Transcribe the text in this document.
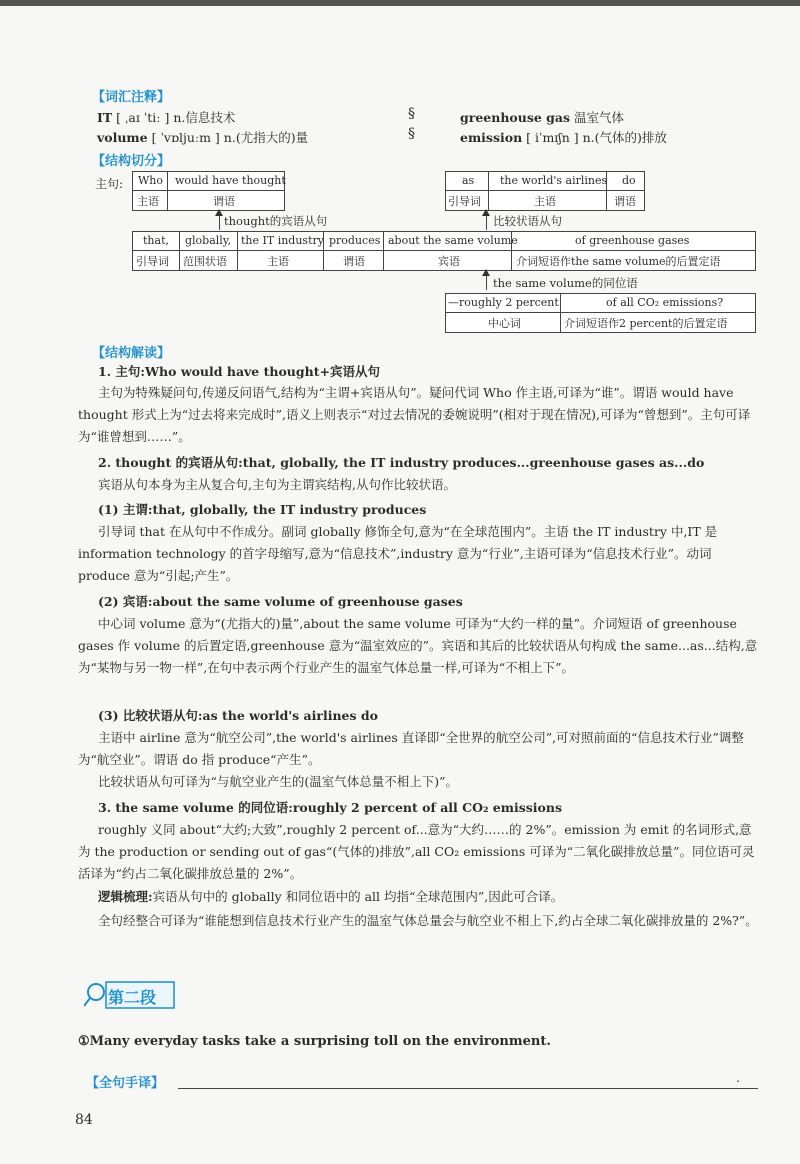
【词汇注释】
IT [ ˌaɪ ˈtiː ] n.信息技术
volume [ ˈvɒljuːm ] n.(尤指大的)量
§
§
greenhouse gas 温室气体
emission [ iˈmɪʃn ] n.(气体的)排放
【结构切分】
主句: Who
主语
would have thought
谓语
thought的宾语从句
as
引导词
the world's airlines
主语
do
谓语
比较状语从句
that,
引导词
globally,
范围状语
the IT industry
主语
produces
谓语
about the same volume
宾语
of greenhouse gases
介词短语作the same volume的后置定语
the same volume的同位语
—roughly 2 percent
中心词
of all CO₂ emissions?
介词短语作2 percent的后置定语
【结构解读】
1. 主句:Who would have thought+宾语从句
主句为特殊疑问句,传递反问语气,结构为“主谓+宾语从句”。疑问代词 Who 作主语,可译为“谁”。谓语 would have thought 形式上为“过去将来完成时”,语义上则表示“对过去情况的委婉说明”(相对于现在情况),可译为“曾想到”。主句可译为“谁曾想到……”。
2. thought 的宾语从句:that, globally, the IT industry produces...greenhouse gases as...do
宾语从句本身为主从复合句,主句为主谓宾结构,从句作比较状语。
(1) 主谓:that, globally, the IT industry produces
引导词 that 在从句中不作成分。副词 globally 修饰全句,意为“在全球范围内”。主语 the IT industry 中,IT 是 information technology 的首字母缩写,意为“信息技术”,industry 意为“行业”,主语可译为“信息技术行业”。动词 produce 意为“引起;产生”。
(2) 宾语:about the same volume of greenhouse gases
中心词 volume 意为“(尤指大的)量”,about the same volume 可译为“大约一样的量”。介词短语 of greenhouse gases 作 volume 的后置定语,greenhouse 意为“温室效应的”。宾语和其后的比较状语从句构成 the same...as...结构,意为“某物与另一物一样”,在句中表示两个行业产生的温室气体总量一样,可译为“不相上下”。
(3) 比较状语从句:as the world's airlines do
主语中 airline 意为“航空公司”,the world's airlines 直译即“全世界的航空公司”,可对照前面的“信息技术行业”调整为“航空业”。谓语 do 指 produce“产生”。
比较状语从句可译为“与航空业产生的(温室气体总量不相上下)”。
3. the same volume 的同位语:roughly 2 percent of all CO₂ emissions
roughly 义同 about“大约;大致”,roughly 2 percent of...意为“大约……的 2%”。emission 为 emit 的名词形式,意为 the production or sending out of gas“(气体的)排放”,all CO₂ emissions 可译为“二氧化碳排放总量”。同位语可灵活译为“约占二氧化碳排放总量的 2%”。
逻辑梳理:宾语从句中的 globally 和同位语中的 all 均指“全球范围内”,因此可合译。
全句经整合可译为“谁能想到信息技术行业产生的温室气体总量会与航空业不相上下,约占全球二氧化碳排放量的 2%?”。
第二段
①Many everyday tasks take a surprising toll on the environment.
【全句手译】	.
84
